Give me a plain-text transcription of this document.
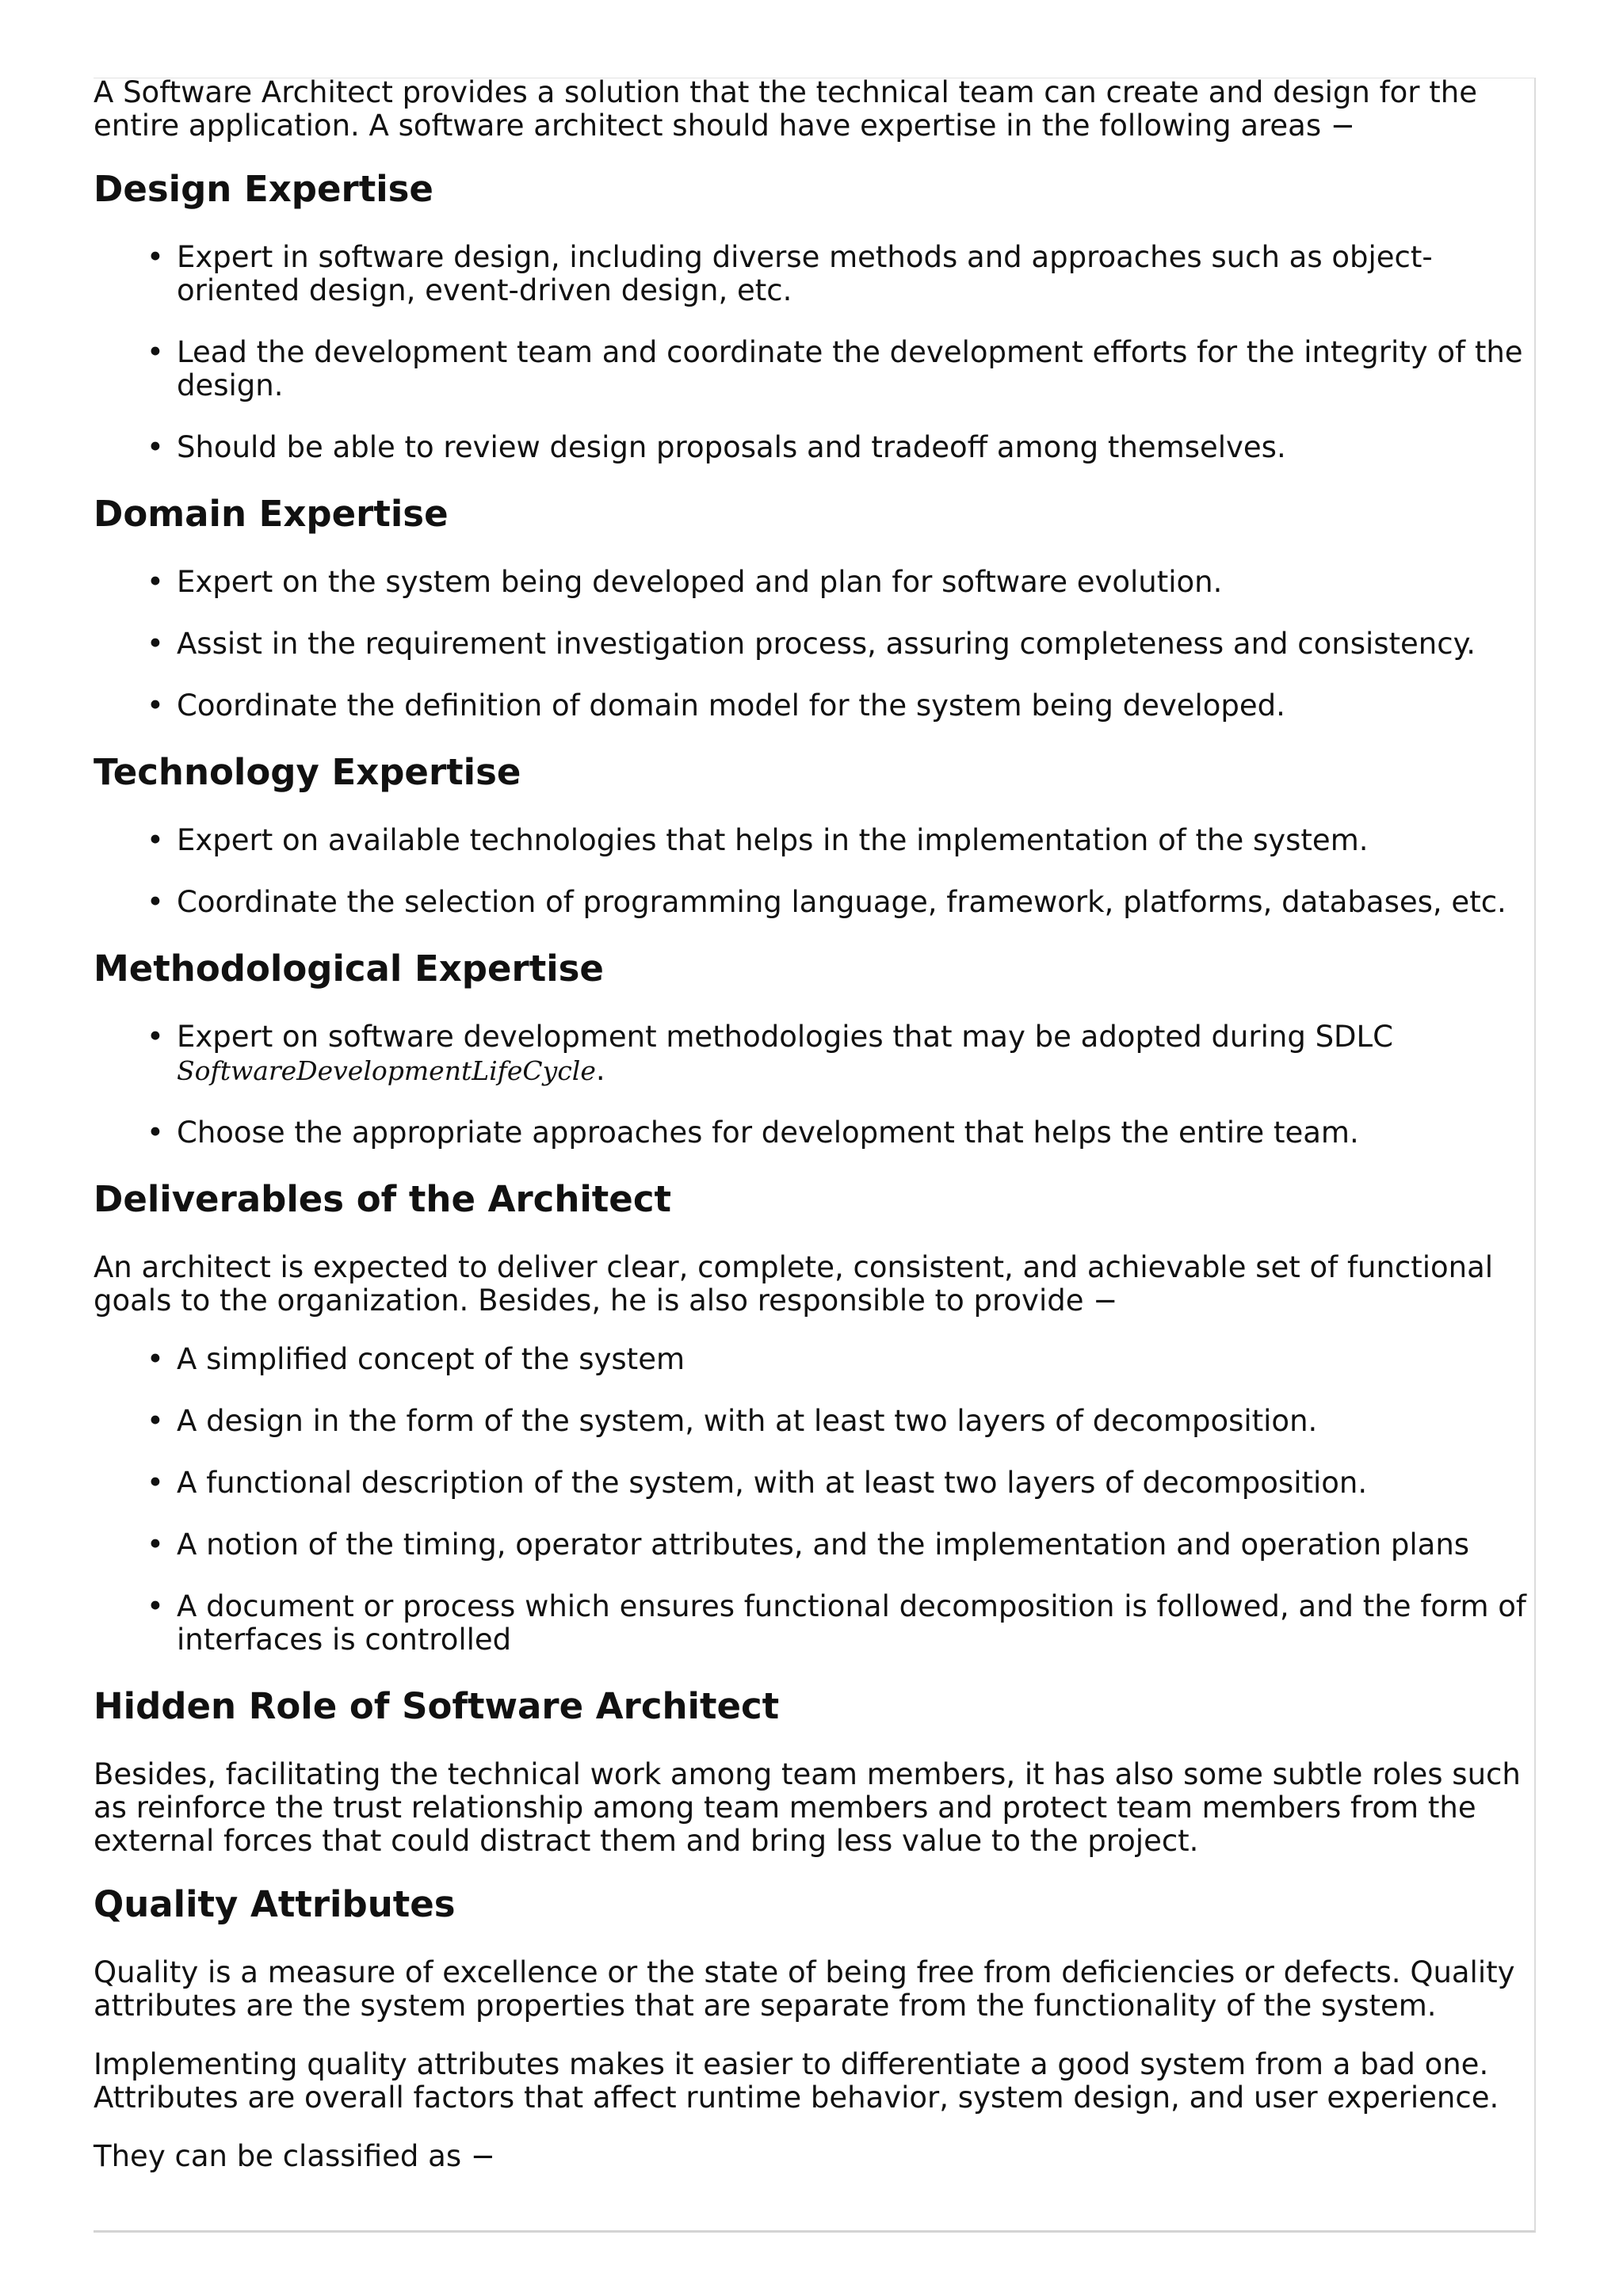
A Software Architect provides a solution that the technical team can create and design for the entire application. A software architect should have expertise in the following areas −

Design Expertise
• Expert in software design, including diverse methods and approaches such as object-oriented design, event-driven design, etc.
• Lead the development team and coordinate the development efforts for the integrity of the design.
• Should be able to review design proposals and tradeoff among themselves.
Domain Expertise
• Expert on the system being developed and plan for software evolution.
• Assist in the requirement investigation process, assuring completeness and consistency.
• Coordinate the definition of domain model for the system being developed.
Technology Expertise
• Expert on available technologies that helps in the implementation of the system.
• Coordinate the selection of programming language, framework, platforms, databases, etc.
Methodological Expertise
• Expert on software development methodologies that may be adopted during SDLC
SoftwareDevelopmentLifeCycle.
• Choose the appropriate approaches for development that helps the entire team.
Deliverables of the Architect

An architect is expected to deliver clear, complete, consistent, and achievable set of functional goals to the organization. Besides, he is also responsible to provide −

• A simplified concept of the system
• A design in the form of the system, with at least two layers of decomposition.
• A functional description of the system, with at least two layers of decomposition.
• A notion of the timing, operator attributes, and the implementation and operation plans
• A document or process which ensures functional decomposition is followed, and the form of interfaces is controlled
Hidden Role of Software Architect

Besides, facilitating the technical work among team members, it has also some subtle roles such as reinforce the trust relationship among team members and protect team members from the external forces that could distract them and bring less value to the project.

Quality Attributes

Quality is a measure of excellence or the state of being free from deficiencies or defects. Quality attributes are the system properties that are separate from the functionality of the system.

Implementing quality attributes makes it easier to differentiate a good system from a bad one. Attributes are overall factors that affect runtime behavior, system design, and user experience.

They can be classified as −
